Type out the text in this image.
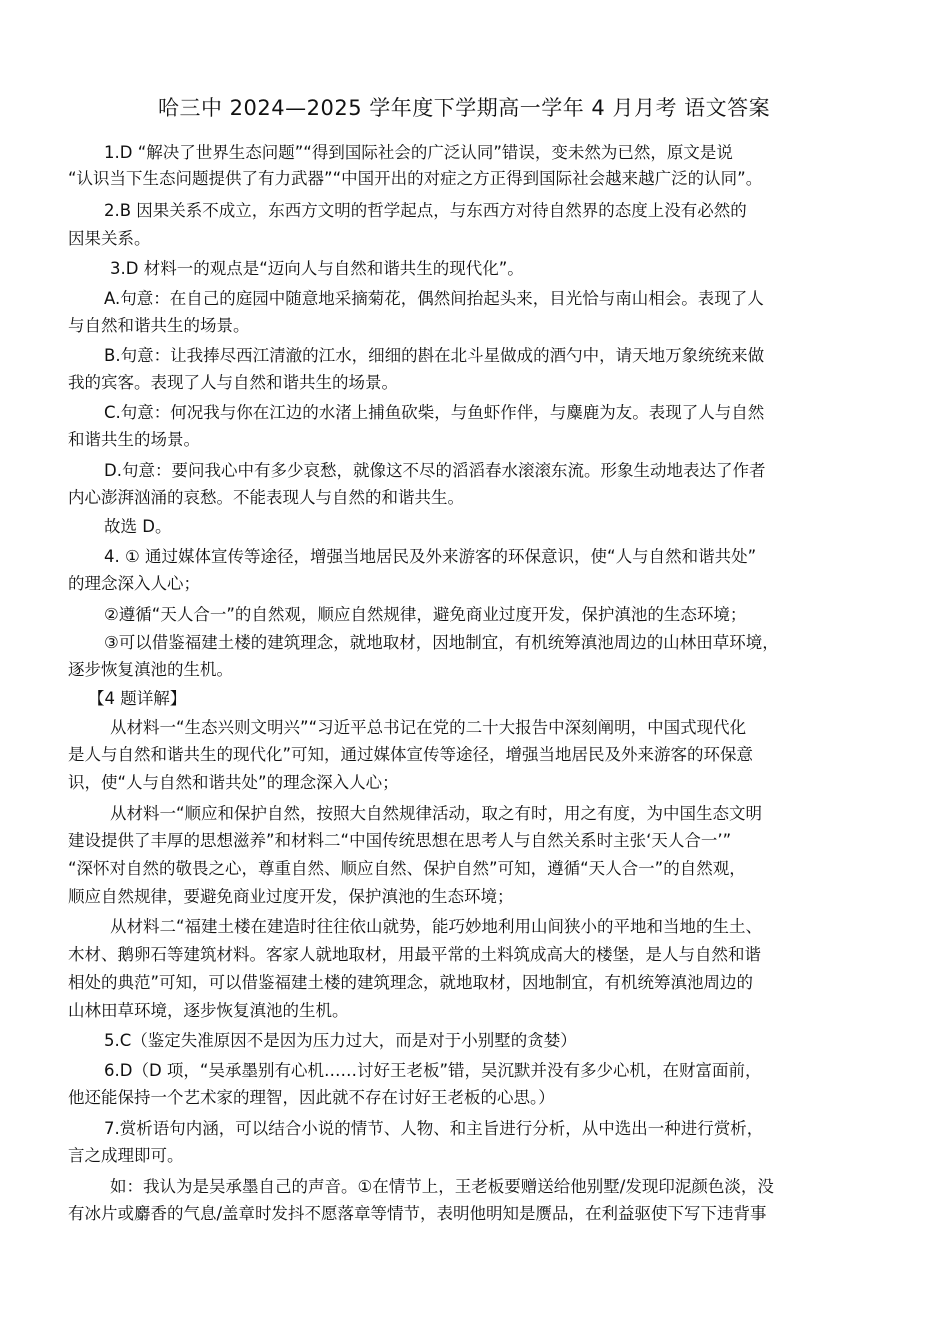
哈三中 2024—2025 学年度下学期高一学年 4 月月考 语文答案
1.D “解决了世界生态问题”“得到国际社会的广泛认同”错误，变未然为已然，原文是说
“认识当下生态问题提供了有力武器”“中国开出的对症之方正得到国际社会越来越广泛的认同”。
2.B 因果关系不成立，东西方文明的哲学起点，与东西方对待自然界的态度上没有必然的
因果关系。
3.D 材料一的观点是“迈向人与自然和谐共生的现代化”。
A.句意：在自己的庭园中随意地采摘菊花，偶然间抬起头来，目光恰与南山相会。表现了人
与自然和谐共生的场景。
B.句意：让我捧尽西江清澈的江水，细细的斟在北斗星做成的酒勺中，请天地万象统统来做
我的宾客。表现了人与自然和谐共生的场景。
C.句意：何况我与你在江边的水渚上捕鱼砍柴，与鱼虾作伴，与麋鹿为友。表现了人与自然
和谐共生的场景。
D.句意：要问我心中有多少哀愁，就像这不尽的滔滔春水滚滚东流。形象生动地表达了作者
内心澎湃汹涌的哀愁。不能表现人与自然的和谐共生。
故选 D。
4. ① 通过媒体宣传等途径，增强当地居民及外来游客的环保意识，使“人与自然和谐共处”
的理念深入人心；
②遵循“天人合一”的自然观，顺应自然规律，避免商业过度开发，保护滇池的生态环境；
③可以借鉴福建土楼的建筑理念，就地取材，因地制宜，有机统筹滇池周边的山林田草环境，
逐步恢复滇池的生机。
【4 题详解】
从材料一“生态兴则文明兴”“习近平总书记在党的二十大报告中深刻阐明，中国式现代化
是人与自然和谐共生的现代化”可知，通过媒体宣传等途径，增强当地居民及外来游客的环保意
识，使“人与自然和谐共处”的理念深入人心；
从材料一“顺应和保护自然，按照大自然规律活动，取之有时，用之有度，为中国生态文明
建设提供了丰厚的思想滋养”和材料二“中国传统思想在思考人与自然关系时主张‘天人合一’”
“深怀对自然的敬畏之心，尊重自然、顺应自然、保护自然”可知，遵循“天人合一”的自然观，
顺应自然规律，要避免商业过度开发，保护滇池的生态环境；
从材料二“福建土楼在建造时往往依山就势，能巧妙地利用山间狭小的平地和当地的生土、
木材、鹅卵石等建筑材料。客家人就地取材，用最平常的土料筑成高大的楼堡，是人与自然和谐
相处的典范”可知，可以借鉴福建土楼的建筑理念，就地取材，因地制宜，有机统筹滇池周边的
山林田草环境，逐步恢复滇池的生机。
5.C（鉴定失准原因不是因为压力过大，而是对于小别墅的贪婪）
6.D（D 项，“吴承墨别有心机……讨好王老板”错，吴沉默并没有多少心机，在财富面前，
他还能保持一个艺术家的理智，因此就不存在讨好王老板的心思。）
7.赏析语句内涵，可以结合小说的情节、人物、和主旨进行分析，从中选出一种进行赏析，
言之成理即可。
如：我认为是吴承墨自己的声音。①在情节上，王老板要赠送给他别墅/发现印泥颜色淡，没
有冰片或麝香的气息/盖章时发抖不愿落章等情节，表明他明知是赝品，在利益驱使下写下违背事
